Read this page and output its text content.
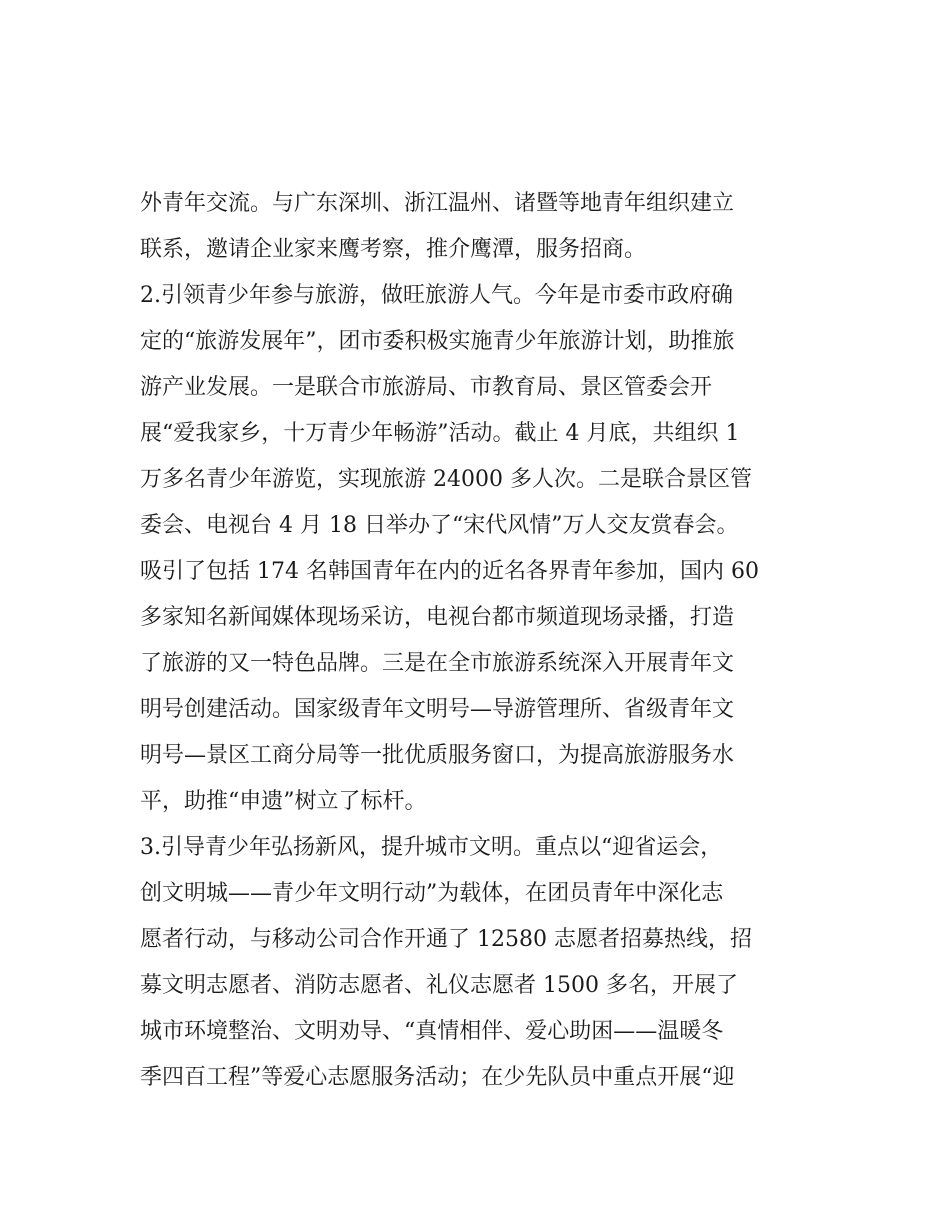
外青年交流。与广东深圳、浙江温州、诸暨等地青年组织建立
联系，邀请企业家来鹰考察，推介鹰潭，服务招商。
2.引领青少年参与旅游，做旺旅游人气。今年是市委市政府确
定的“旅游发展年”，团市委积极实施青少年旅游计划，助推旅
游产业发展。一是联合市旅游局、市教育局、景区管委会开
展“爱我家乡，十万青少年畅游”活动。截止 4 月底，共组织 1
万多名青少年游览，实现旅游 24000 多人次。二是联合景区管
委会、电视台 4 月 18 日举办了“宋代风情”万人交友赏春会。
吸引了包括 174 名韩国青年在内的近名各界青年参加，国内 60
多家知名新闻媒体现场采访，电视台都市频道现场录播，打造
了旅游的又一特色品牌。三是在全市旅游系统深入开展青年文
明号创建活动。国家级青年文明号—导游管理所、省级青年文
明号—景区工商分局等一批优质服务窗口，为提高旅游服务水
平，助推“申遗”树立了标杆。
3.引导青少年弘扬新风，提升城市文明。重点以“迎省运会，
创文明城——青少年文明行动”为载体，在团员青年中深化志
愿者行动，与移动公司合作开通了 12580 志愿者招募热线，招
募文明志愿者、消防志愿者、礼仪志愿者 1500 多名，开展了
城市环境整治、文明劝导、“真情相伴、爱心助困——温暖冬
季四百工程”等爱心志愿服务活动；在少先队员中重点开展“迎
